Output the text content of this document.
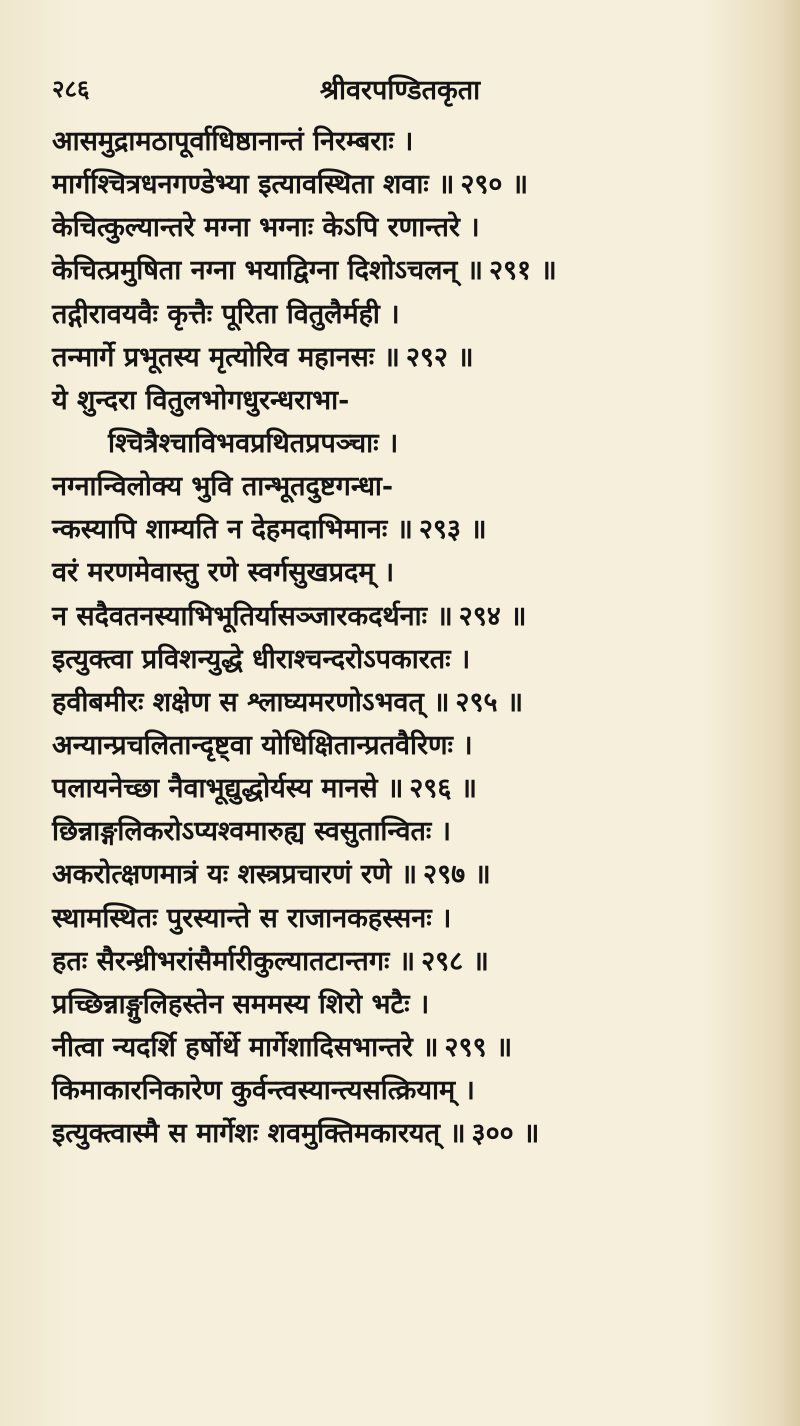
२८६	श्रीवरपण्डितकृता
आसमुद्रामठापूर्वाधिष्ठानान्तं निरम्बराः ।
मार्गश्चित्रधनगण्डेभ्या इत्यावस्थिता शवाः ॥ २९० ॥
केचित्कुल्यान्तरे मग्ना भग्नाः केऽपि रणान्तरे ।
केचित्प्रमुषिता नग्ना भयाद्विग्ना दिशोऽचलन् ॥ २९१ ॥
तद्गीरावयवैः कृत्तैः पूरिता वितुलैर्मही ।
तन्मार्गे प्रभूतस्य मृत्योरिव महानसः ॥ २९२ ॥
ये शुन्दरा वितुलभोगधुरन्धराभा-
श्चित्रैश्चाविभवप्रथितप्रपञ्चाः ।
नग्नान्विलोक्य भुवि तान्भूतदुष्टगन्धा-
न्कस्यापि शाम्यति न देहमदाभिमानः ॥ २९३ ॥
वरं मरणमेवास्तु रणे स्वर्गसुखप्रदम् ।
न सदैवतनस्याभिभूतिर्यासञ्जारकदर्थनाः ॥ २९४ ॥
इत्युक्त्वा प्रविशन्युद्धे धीराश्चन्दरोऽपकारतः ।
हवीबमीरः शक्षेण स श्लाघ्यमरणोऽभवत् ॥ २९५ ॥
अन्यान्प्रचलितान्दृष्ट्वा योधिक्षितान्प्रतवैरिणः ।
पलायनेच्छा नैवाभूद्युद्धोर्यस्य मानसे ॥ २९६ ॥
छिन्नाङ्गलिकरोऽप्यश्वमारुह्य स्वसुतान्वितः ।
अकरोत्क्षणमात्रं यः शस्त्रप्रचारणं रणे ॥ २९७ ॥
स्थामस्थितः पुरस्यान्ते स राजानकहस्सनः ।
हतः सैरन्ध्रीभरांसैर्मारीकुल्यातटान्तगः ॥ २९८ ॥
प्रच्छिन्नाङ्गुलिहस्तेन सममस्य शिरो भटैः ।
नीत्वा न्यदर्शि हर्षोर्थे मार्गेशादिसभान्तरे ॥ २९९ ॥
किमाकारनिकारेण कुर्वन्त्वस्यान्त्यसत्क्रियाम् ।
इत्युक्त्वास्मै स मार्गेशः शवमुक्तिमकारयत् ॥ ३०० ॥
